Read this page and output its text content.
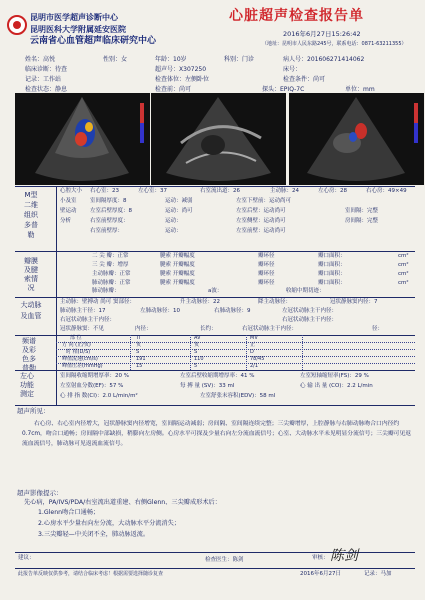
昆明市医学超声诊断中心
昆明医科大学附属延安医院
云南省心血管超声临床研究中心
心脏超声检查报告单
2016年6月27日15:26:42
（地址：昆明市人民东路245号，联系电话：0871-63211355）
姓名：高悦	性别：女	年龄：10岁	科别：门诊	病人号：201606271414062
临床诊断：待查	超声号：X307250	床号：
记录：工作站	检查体位：左侧卧位	检查条件：尚可
检查状态：静息	检查前：尚可	探头：EPIQ-7C	单位：mm
M型二维组织多普勒
瓣膜及腱索情况
大动脉及血管
频谱及彩色多普勒
左心功能测定
心腔大小 右心室：23	左心室：37	右室流出道：26	主动脉：24	左心房：28	右心房：49×49
小及室 室间隔厚度：8	运动：减弱	左室下壁前：运动尚可
壁运动 左室后壁厚度：8	运动：尚可	左室后壁：运动尚可	室间隔：完整
分析	右室前壁厚度：	运动：	左室侧壁：运动尚可	房间隔：完整
右室前壁厚：	运动：	左室前壁：运动尚可
二 尖 瓣：正常	腱索 开瓣幅度	瓣环径	瓣口面积：	cm²
三 尖 瓣：增厚	腱索 开瓣幅度	瓣环径	瓣口面积：	cm²
主动脉瓣：正常	腱索 开瓣幅度	瓣环径	瓣口面积：	cm²
肺动脉瓣：正常	腱索 开瓣幅度	瓣环径	瓣口面积：	cm²
肺动脉瓣：	a波：	收缩中期切迹：
主动脉：壁搏动 尚可 窦部径：	升主动脉径：22	降主动脉径：	冠状静脉窦内径：7
肺动脉主干径：17	左肺动脉径：10	右肺动脉径：9	左冠状动脉主干内径：
右冠状动脉主干内径：	右冠状动脉主干内径：
冠状静脉窦：不见	内径：	长约：	右冠状动脉主干内径：	径：
部 位	TI	AV	MV
方 向 (正/负)	负	负	正
时 相(D/S)	S	S	D
峰值流速(cm/s)	191	110	78/45
峰值压差(mmHg)	15	5	2/1
室间隔收缩期增厚率：20 %	左室后壁收缩期增厚率：41 %	左室短轴缩短率(FS)：29 %
左室射血分数(EF)：57 %	每 搏 量 (SV)：33 ml	心 输 出 量 (CO)：2.2 L/min
心 排 指 数(CI)：2.0 L/min/m²	左室舒张末容积(EDV)：58 ml
超声所见：
右心房、右心室内径增大，冠状静脉窦内径增宽，室间隔运动减弱；房间隔、室间隔连续完整；三尖瓣增厚，上腔静脉与右肺动脉吻合口内径约0.7cm，吻合口通畅；房间隔中部缺损，稍膨向左房侧。心房水平可探及少量右向左分流血流信号；心室、大动脉水平未见明显分流信号；三尖瓣可见返流血流信号，肺动脉可见返流血流信号。
超声影像提示：
先心病，PA/IVS/PDA/右室流出道重建、右侧Glenn、三尖瓣成形术后：
1.Glenn吻合口通畅；
2.心房水平少量右向左分流，大动脉水平分流消失；
3.三尖瓣轻—中关闭不全，肺动脉返流。
建议：	检查医生：陈剑	审核： 陈剑
此报告单反映仅供参考，请结合临床考虑！根据需要选择随诊复查	2016年6月27日	记录：马加
